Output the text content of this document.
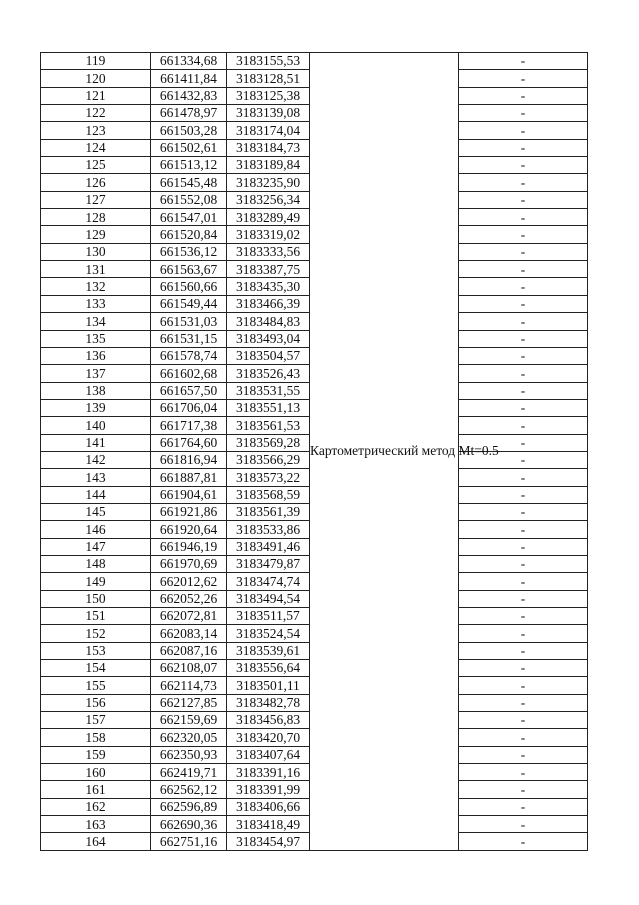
119	661334,68	3183155,53	Картометрический метод Mt=0.5	-
120	661411,84	3183128,51		-
121	661432,83	3183125,38		-
122	661478,97	3183139,08		-
123	661503,28	3183174,04		-
124	661502,61	3183184,73		-
125	661513,12	3183189,84		-
126	661545,48	3183235,90		-
127	661552,08	3183256,34		-
128	661547,01	3183289,49		-
129	661520,84	3183319,02		-
130	661536,12	3183333,56		-
131	661563,67	3183387,75		-
132	661560,66	3183435,30		-
133	661549,44	3183466,39		-
134	661531,03	3183484,83		-
135	661531,15	3183493,04		-
136	661578,74	3183504,57		-
137	661602,68	3183526,43		-
138	661657,50	3183531,55		-
139	661706,04	3183551,13		-
140	661717,38	3183561,53		-
141	661764,60	3183569,28		-
142	661816,94	3183566,29		-
143	661887,81	3183573,22		-
144	661904,61	3183568,59		-
145	661921,86	3183561,39		-
146	661920,64	3183533,86		-
147	661946,19	3183491,46		-
148	661970,69	3183479,87		-
149	662012,62	3183474,74		-
150	662052,26	3183494,54		-
151	662072,81	3183511,57		-
152	662083,14	3183524,54		-
153	662087,16	3183539,61		-
154	662108,07	3183556,64		-
155	662114,73	3183501,11		-
156	662127,85	3183482,78		-
157	662159,69	3183456,83		-
158	662320,05	3183420,70		-
159	662350,93	3183407,64		-
160	662419,71	3183391,16		-
161	662562,12	3183391,99		-
162	662596,89	3183406,66		-
163	662690,36	3183418,49		-
164	662751,16	3183454,97		-
